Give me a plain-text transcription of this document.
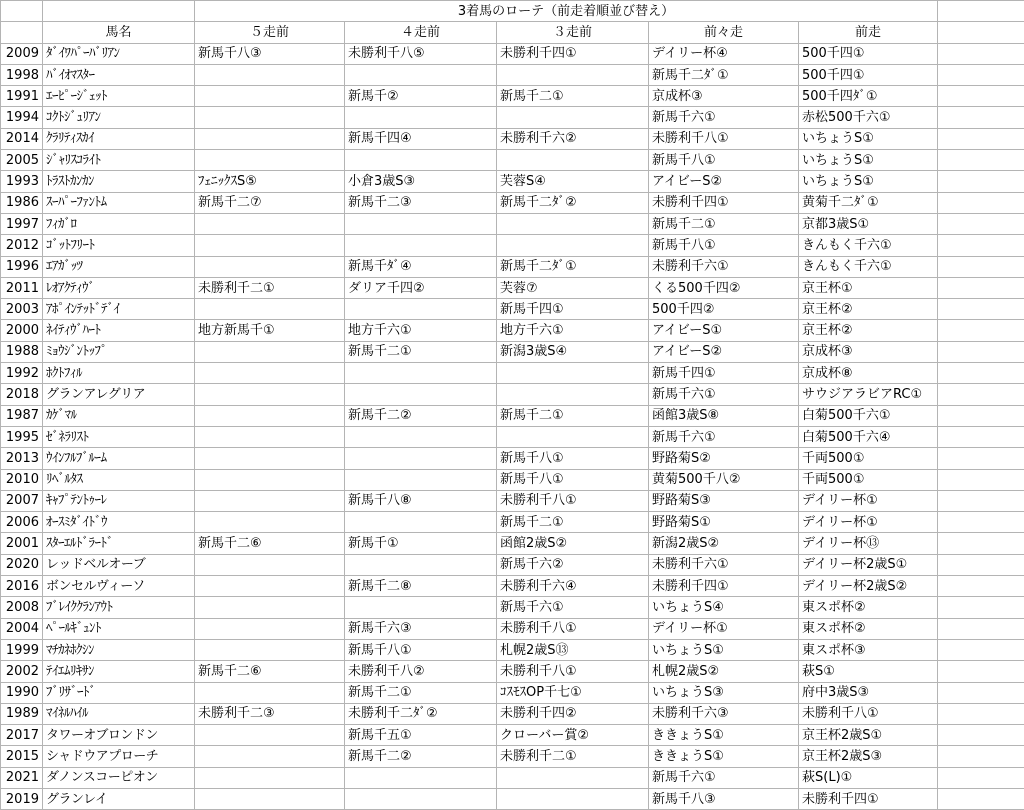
		3着馬のローテ（前走着順並び替え）					
	馬名	５走前	４走前	３走前	前々走	前走	
2009	ﾀﾞｲﾜﾊﾟｰﾊﾞﾘｱﾝ	新馬千八③	未勝利千八⑤	未勝利千四①	デイリー杯④	500千四①	
1998	ﾊﾞｲｵﾏｽﾀｰ				新馬千二ﾀﾞ①	500千四①	
1991	ｴｰﾋﾟｰｼﾞｪｯﾄ		新馬千②	新馬千二①	京成杯③	500千四ﾀﾞ①	
1994	ｺｸﾄｼﾞｭﾘｱﾝ				新馬千六①	赤松500千六①	
2014	ｸﾗﾘﾃｨｽｶｲ		新馬千四④	未勝利千六②	未勝利千八①	いちょうS①	
2005	ｼﾞｬﾘｽｺﾗｲﾄ				新馬千八①	いちょうS①	
1993	ﾄﾗｽﾄｶﾝｶﾝ	ﾌｪﾆｯｸｽS⑤	小倉3歳S③	芙蓉S④	アイビーS②	いちょうS①	
1986	ｽｰﾊﾟｰﾌｧﾝﾄﾑ	新馬千二⑦	新馬千二③	新馬千二ﾀﾞ②	未勝利千四①	黄菊千二ﾀﾞ①	
1997	ﾌｨｶﾞﾛ				新馬千二①	京都3歳S①	
2012	ｺﾞｯﾄﾌﾘｰﾄ				新馬千八①	きんもく千六①	
1996	ｴｱｶﾞｯﾂ		新馬千ﾀﾞ④	新馬千二ﾀﾞ①	未勝利千六①	きんもく千六①	
2011	ﾚｵｱｸﾃｨｳﾞ	未勝利千二①	ダリア千四②	芙蓉⑦	くる500千四②	京王杯①	
2003	ｱﾎﾟｲﾝﾃｯﾄﾞﾃﾞｲ			新馬千四①	500千四②	京王杯②	
2000	ﾈｲﾃｨｳﾞﾊｰﾄ	地方新馬千①	地方千六①	地方千六①	アイビーS①	京王杯②	
1988	ﾐｮｳｼﾞﾝﾄｯﾌﾟ		新馬千二①	新潟3歳S④	アイビーS②	京成杯③	
1992	ﾎｸﾄﾌｨﾙ				新馬千四①	京成杯⑧	
2018	グランアレグリア				新馬千六①	サウジアラビアRC①	
1987	ｶｹﾞﾏﾙ		新馬千二②	新馬千二①	函館3歳S⑧	白菊500千六①	
1995	ｾﾞﾈﾗﾘｽﾄ				新馬千六①	白菊500千六④	
2013	ｳｲﾝﾌﾙﾌﾞﾙｰﾑ			新馬千八①	野路菊S②	千両500①	
2010	ﾘﾍﾞﾙﾀｽ			新馬千八①	黄菊500千八②	千両500①	
2007	ｷｬﾌﾟﾃﾝﾄｩｰﾚ		新馬千八⑧	未勝利千八①	野路菊S③	デイリー杯①	
2006	ｵｰｽﾐﾀﾞｲﾄﾞｳ			新馬千二①	野路菊S①	デイリー杯①	
2001	ｽﾀｰｴﾙﾄﾞﾗｰﾄﾞ	新馬千二⑥	新馬千①	函館2歳S②	新潟2歳S②	デイリー杯⑬	
2020	レッドベルオーブ			新馬千六②	未勝利千六①	デイリー杯2歳S①	
2016	ボンセルヴィーソ		新馬千二⑧	未勝利千六④	未勝利千四①	デイリー杯2歳S②	
2008	ﾌﾞﾚｲｸｸﾗﾝｱｳﾄ			新馬千六①	いちょうS④	東スポ杯②	
2004	ﾍﾟｰﾙｷﾞｭﾝﾄ		新馬千六③	未勝利千八①	デイリー杯①	東スポ杯②	
1999	ﾏﾁｶﾈﾎｸｼﾝ		新馬千八①	札幌2歳S⑬	いちょうS①	東スポ杯③	
2002	ﾃｲｴﾑﾘｷｻﾝ	新馬千二⑥	未勝利千八②	未勝利千八①	札幌2歳S②	萩S①	
1990	ﾌﾞﾘｻﾞｰﾄﾞ		新馬千二①	ｺｽﾓｽOP千七①	いちょうS③	府中3歳S③	
1989	ﾏｲﾈﾙﾊｲﾙ	未勝利千二③	未勝利千二ﾀﾞ②	未勝利千四②	未勝利千六③	未勝利千八①	
2017	タワーオブロンドン		新馬千五①	クローバー賞②	ききょうS①	京王杯2歳S①	
2015	シャドウアプローチ		新馬千二②	未勝利千二①	ききょうS①	京王杯2歳S③	
2021	ダノンスコーピオン				新馬千六①	萩S(L)①	
2019	グランレイ				新馬千八③	未勝利千四①	
